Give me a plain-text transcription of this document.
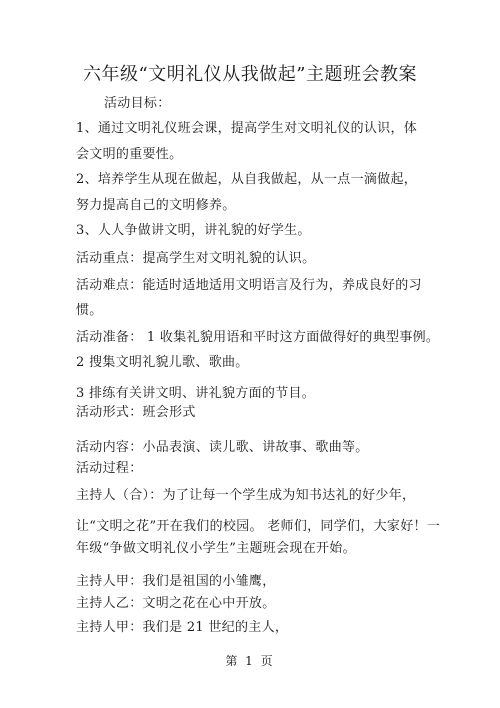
六年级“文明礼仪从我做起”主题班会教案
活动目标：
1、通过文明礼仪班会课，提高学生对文明礼仪的认识，体
会文明的重要性。
2、培养学生从现在做起，从自我做起，从一点一滴做起，
努力提高自己的文明修养。
3、人人争做讲文明，讲礼貌的好学生。
活动重点：提高学生对文明礼貌的认识。
活动难点：能适时适地适用文明语言及行为，养成良好的习
惯。
活动准备： 1 收集礼貌用语和平时这方面做得好的典型事例。
2 搜集文明礼貌儿歌、歌曲。
3 排练有关讲文明、讲礼貌方面的节目。
活动形式：班会形式
活动内容：小品表演、读儿歌、讲故事、歌曲等。
活动过程：
主持人（合）：为了让每一个学生成为知书达礼的好少年，
让“文明之花”开在我们的校园。 老师们，同学们，大家好！一
年级“争做文明礼仪小学生”主题班会现在开始。
主持人甲：我们是祖国的小雏鹰，
主持人乙：文明之花在心中开放。
主持人甲：我们是 21 世纪的主人，
第 1 页
